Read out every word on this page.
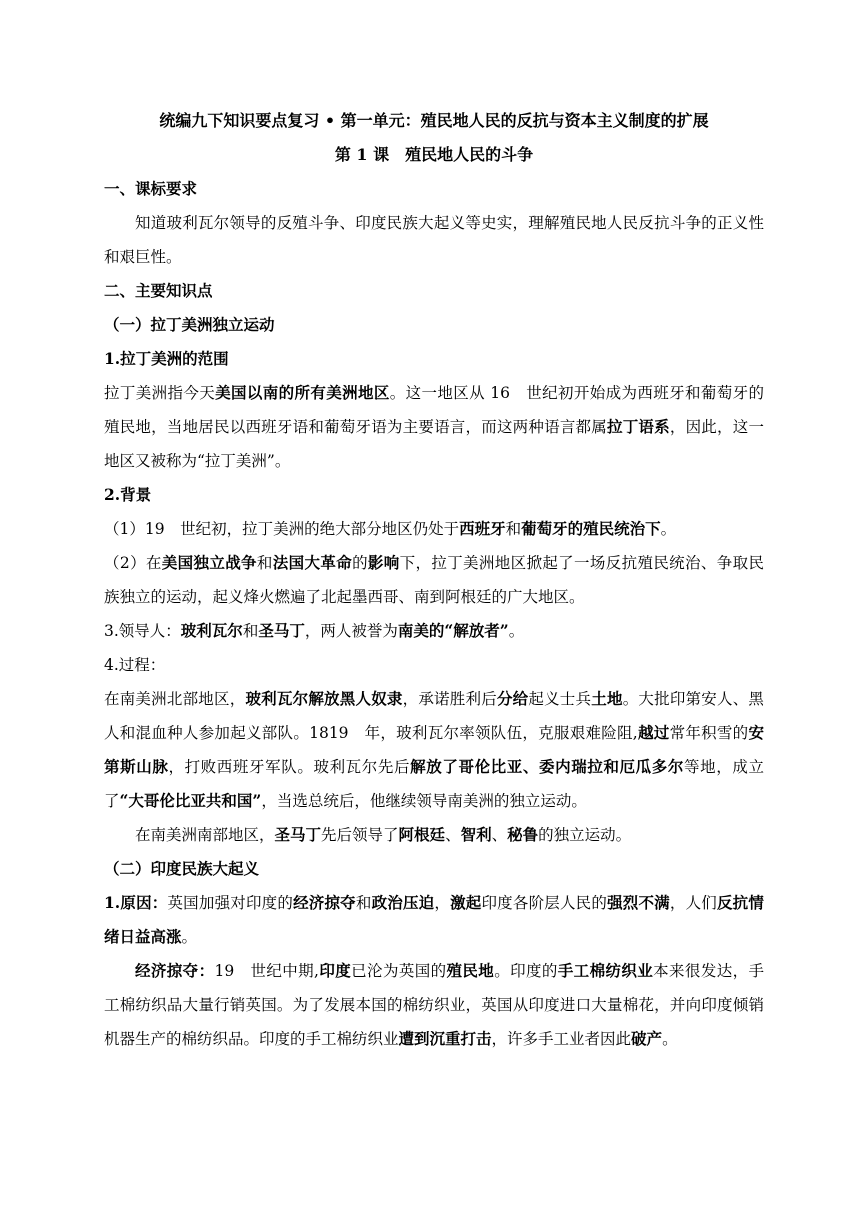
统编九下知识要点复习 • 第一单元：殖民地人民的反抗与资本主义制度的扩展
第 1 课　殖民地人民的斗争
一、课标要求

知道玻利瓦尔领导的反殖斗争、印度民族大起义等史实，理解殖民地人民反抗斗争的正义性和艰巨性。

二、主要知识点
（一）拉丁美洲独立运动
1.拉丁美洲的范围

拉丁美洲指今天美国以南的所有美洲地区。这一地区从 16　世纪初开始成为西班牙和葡萄牙的殖民地，当地居民以西班牙语和葡萄牙语为主要语言，而这两种语言都属拉丁语系，因此，这一地区又被称为“拉丁美洲”。

2.背景

（1）19　世纪初，拉丁美洲的绝大部分地区仍处于西班牙和葡萄牙的殖民统治下。

（2）在美国独立战争和法国大革命的影响下，拉丁美洲地区掀起了一场反抗殖民统治、争取民族独立的运动，起义烽火燃遍了北起墨西哥、南到阿根廷的广大地区。

3.领导人：玻利瓦尔和圣马丁，两人被誉为南美的“解放者”。

4.过程：

在南美洲北部地区，玻利瓦尔解放黑人奴隶，承诺胜利后分给起义士兵土地。大批印第安人、黑人和混血种人参加起义部队。1819　年，玻利瓦尔率领队伍，克服艰难险阻,越过常年积雪的安第斯山脉，打败西班牙军队。玻利瓦尔先后解放了哥伦比亚、委内瑞拉和厄瓜多尔等地，成立了“大哥伦比亚共和国”，当选总统后，他继续领导南美洲的独立运动。

在南美洲南部地区，圣马丁先后领导了阿根廷、智利、秘鲁的独立运动。

（二）印度民族大起义

1.原因：英国加强对印度的经济掠夺和政治压迫，激起印度各阶层人民的强烈不满，人们反抗情绪日益高涨。

经济掠夺：19　世纪中期,印度已沦为英国的殖民地。印度的手工棉纺织业本来很发达，手工棉纺织品大量行销英国。为了发展本国的棉纺织业，英国从印度进口大量棉花，并向印度倾销机器生产的棉纺织品。印度的手工棉纺织业遭到沉重打击，许多手工业者因此破产。
